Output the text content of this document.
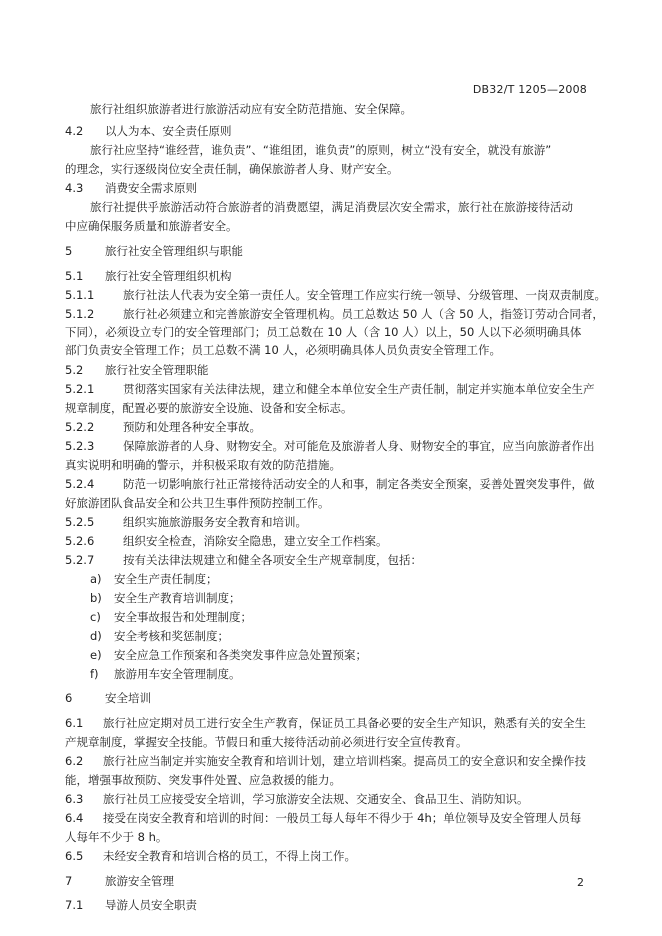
DB32/T 1205—2008
旅行社组织旅游者进行旅游活动应有安全防范措施、安全保障。
4.2 以人为本、安全责任原则
旅行社应坚持“谁经营，谁负责”、“谁组团，谁负责”的原则，树立“没有安全，就没有旅游”
的理念，实行逐级岗位安全责任制，确保旅游者人身、财产安全。
4.3 消费安全需求原则
旅行社提供乎旅游活动符合旅游者的消费愿望，满足消费层次安全需求，旅行社在旅游接待活动
中应确保服务质量和旅游者安全。
5	旅行社安全管理组织与职能
5.1 旅行社安全管理组织机构
5.1.1 旅行社法人代表为安全第一责任人。安全管理工作应实行统一领导、分级管理、一岗双责制度。
5.1.2 旅行社必须建立和完善旅游安全管理机构。员工总数达 50 人（含 50 人，指签订劳动合同者，
下同），必须设立专门的安全管理部门；员工总数在 10 人（含 10 人）以上，50 人以下必须明确具体
部门负责安全管理工作；员工总数不满 10 人，必须明确具体人员负责安全管理工作。
5.2 旅行社安全管理职能
5.2.1 贯彻落实国家有关法律法规，建立和健全本单位安全生产责任制，制定并实施本单位安全生产
规章制度，配置必要的旅游安全设施、设备和安全标志。
5.2.2 预防和处理各种安全事故。
5.2.3 保障旅游者的人身、财物安全。对可能危及旅游者人身、财物安全的事宜，应当向旅游者作出
真实说明和明确的警示，并积极采取有效的防范措施。
5.2.4 防范一切影响旅行社正常接待活动安全的人和事，制定各类安全预案，妥善处置突发事件，做
好旅游团队食品安全和公共卫生事件预防控制工作。
5.2.5 组织实施旅游服务安全教育和培训。
5.2.6 组织安全检查，消除安全隐患，建立安全工作档案。
5.2.7 按有关法律法规建立和健全各项安全生产规章制度，包括：
a) 安全生产责任制度；
b) 安全生产教育培训制度；
c) 安全事故报告和处理制度；
d) 安全考核和奖惩制度；
e) 安全应急工作预案和各类突发事件应急处置预案；
f) 旅游用车安全管理制度。
6	安全培训
6.1 旅行社应定期对员工进行安全生产教育，保证员工具备必要的安全生产知识，熟悉有关的安全生
产规章制度，掌握安全技能。节假日和重大接待活动前必须进行安全宣传教育。
6.2 旅行社应当制定并实施安全教育和培训计划，建立培训档案。提高员工的安全意识和安全操作技
能，增强事故预防、突发事件处置、应急救援的能力。
6.3 旅行社员工应接受安全培训，学习旅游安全法规、交通安全、食品卫生、消防知识。
6.4 接受在岗安全教育和培训的时间：一般员工每人每年不得少于 4h；单位领导及安全管理人员每
人每年不少于 8 h。
6.5 未经安全教育和培训合格的员工，不得上岗工作。
7	旅游安全管理
7.1 导游人员安全职责
2
